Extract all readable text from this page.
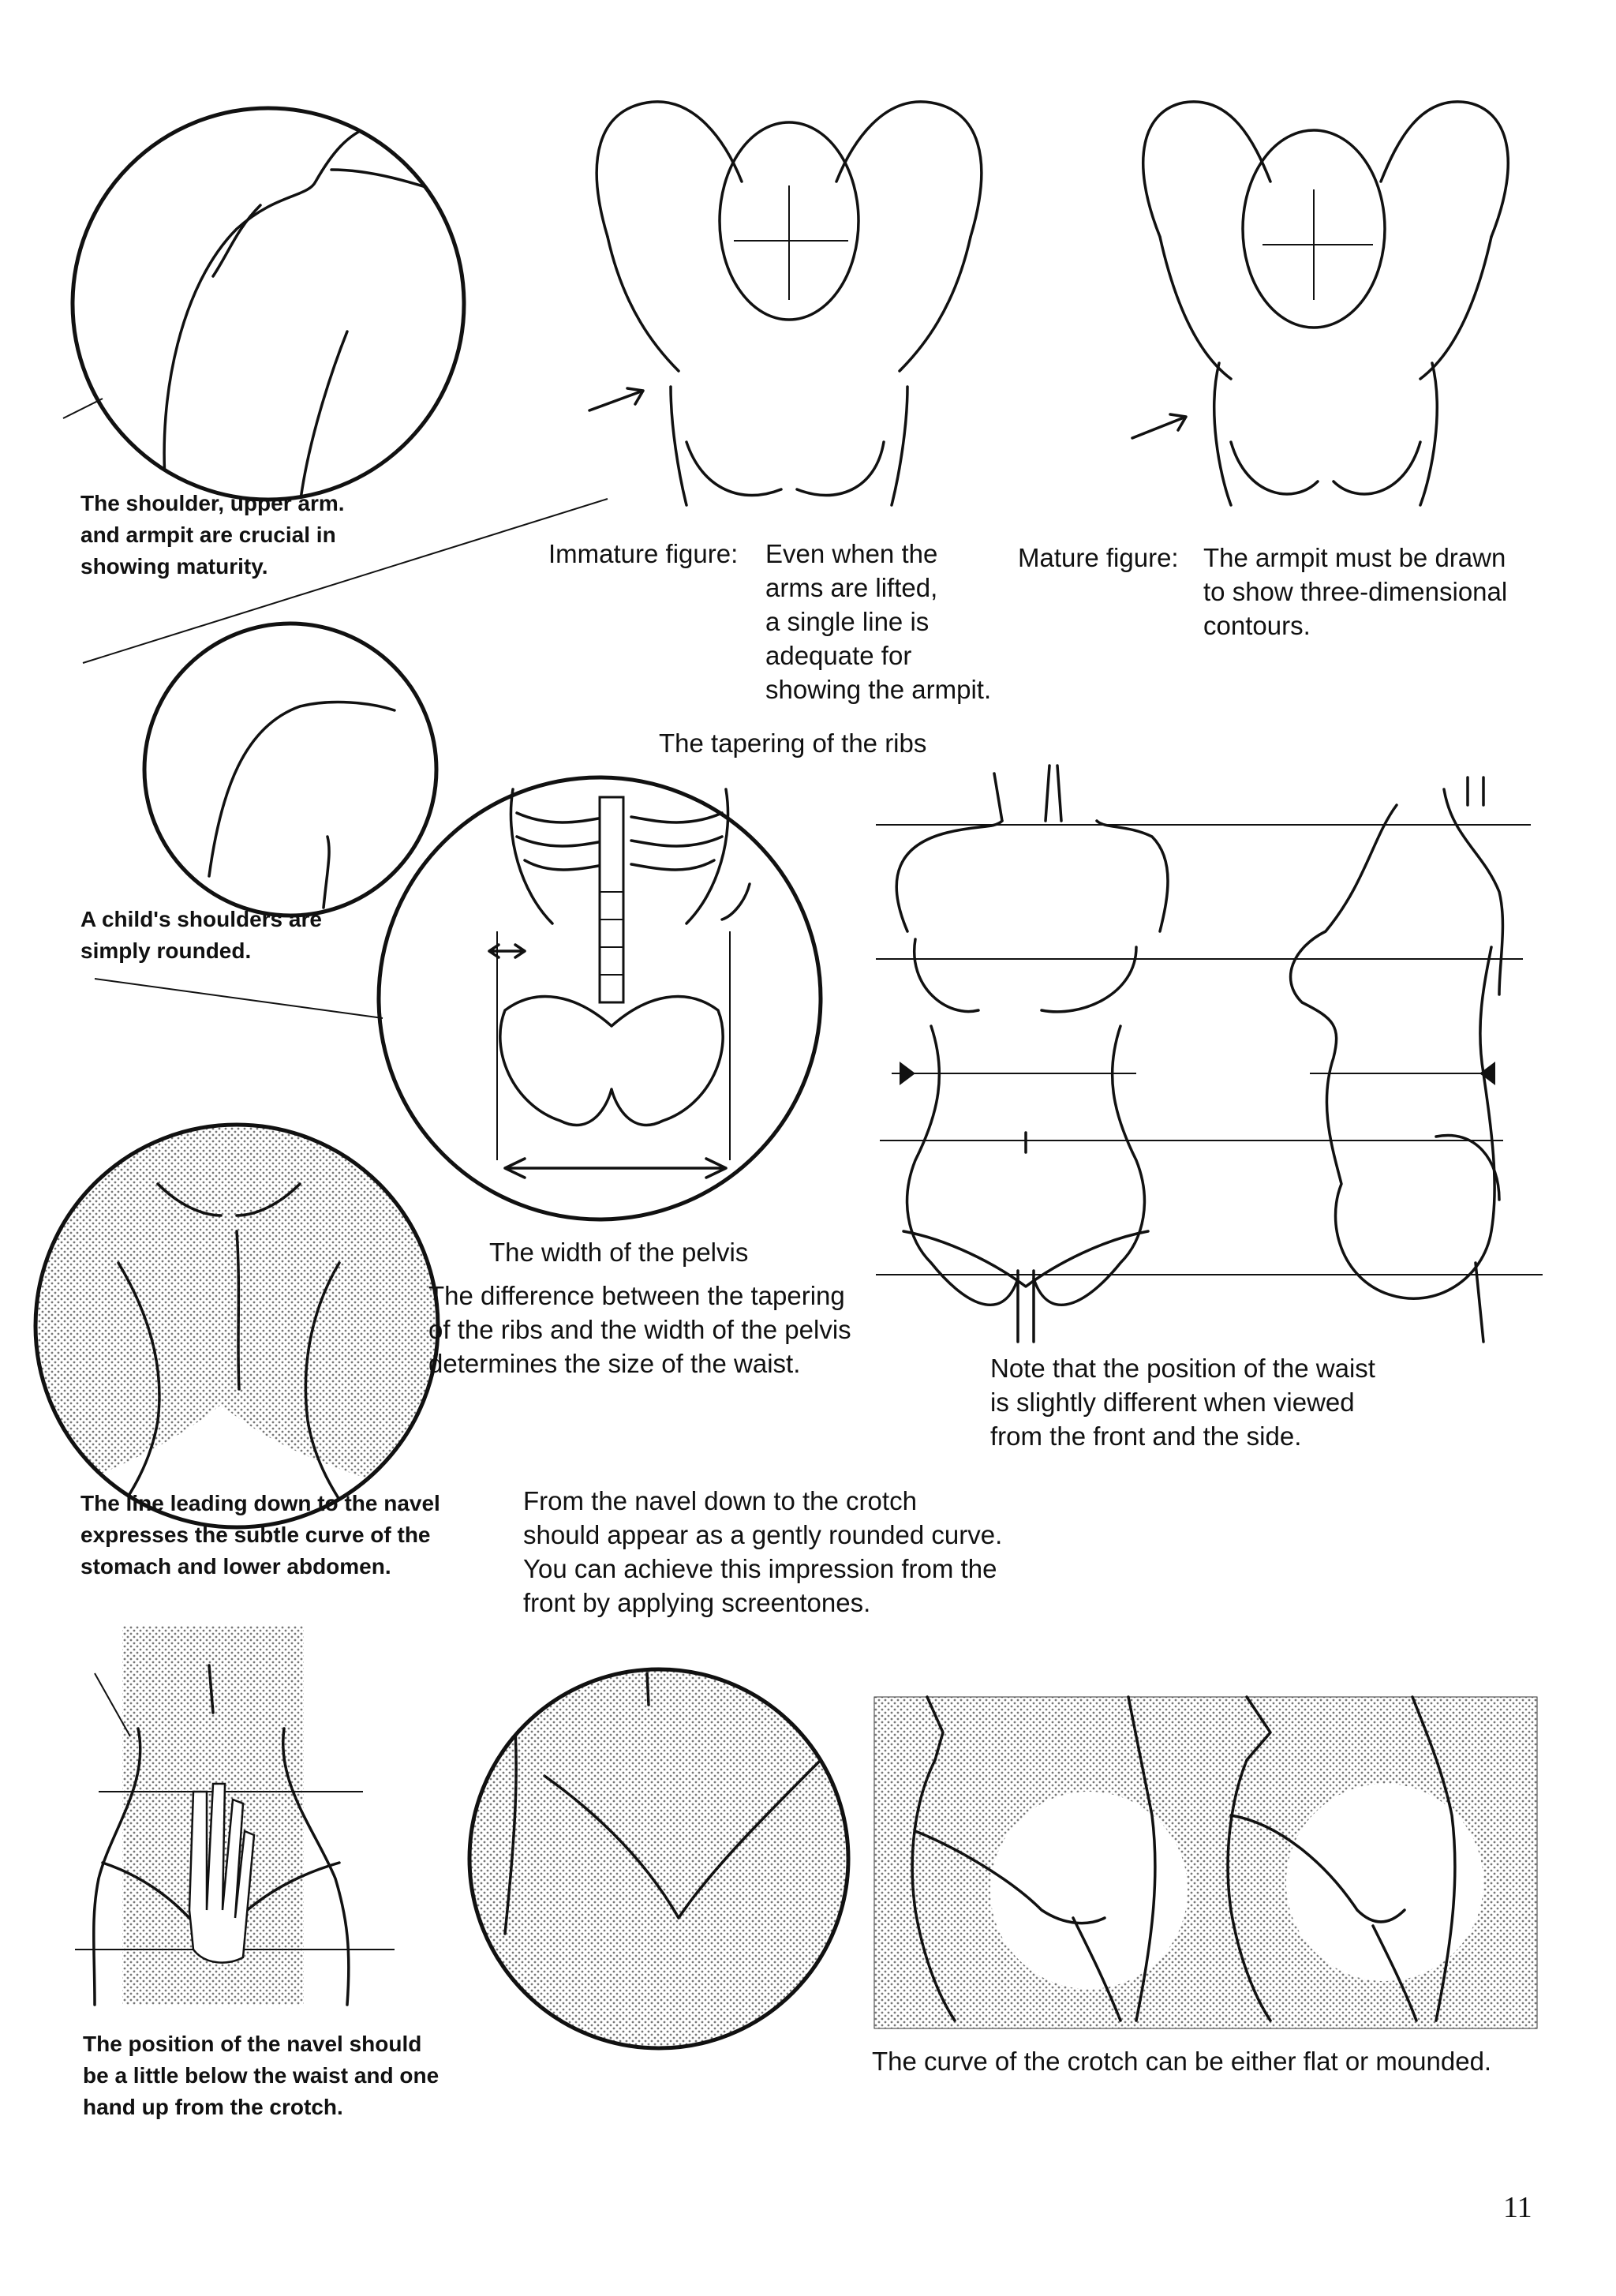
The shoulder, upper arm.
and armpit are crucial in
showing maturity.	Immature figure: Even when the
arms are lifted,
a single line is
adequate for
showing the armpit.
Mature figure: The armpit must be drawn
to show three-dimensional
contours.
The tapering of the ribs
A child's shoulders are
simply rounded.
The width of the pelvis
The difference between the tapering
of the ribs and the width of the pelvis
determines the size of the waist.	Note that the position of the waist
is slightly different when viewed
from the front and the side.
The line leading down to the navel
expresses the subtle curve of the
stomach and lower abdomen.
From the navel down to the crotch
should appear as a gently rounded curve.
You can achieve this impression from the
front by applying screentones.
The position of the navel should
be a little below the waist and one
hand up from the crotch.
The curve of the crotch can be either flat or mounded.
11
